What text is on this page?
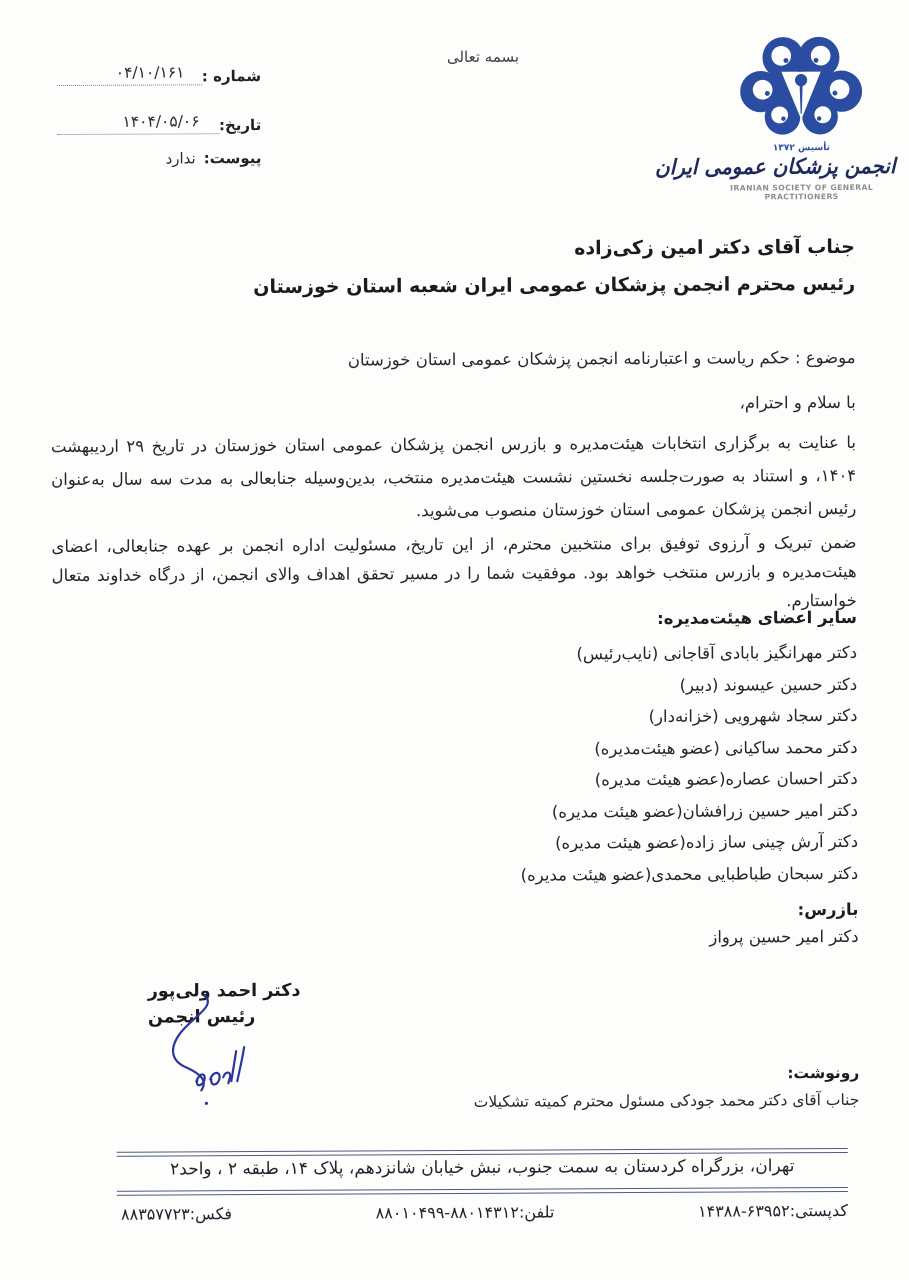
شماره :
۰۴/۱۰/۱۶۱
تاریخ:
۱۴۰۴/۰۵/۰۶
پیوست:
ندارد
بسمه تعالی
تأسیس ۱۳۷۲
انجمن پزشکان عمومی ایران
IRANIAN SOCIETY OF GENERAL PRACTITIONERS
جناب آقای دکتر امین زکی‌زاده
رئیس محترم انجمن پزشکان عمومی ایران شعبه استان خوزستان
موضوع : حکم ریاست و اعتبارنامه انجمن پزشکان عمومی استان خوزستان
با سلام و احترام،

با عنایت به برگزاری انتخابات هیئت‌مدیره و بازرس انجمن پزشکان عمومی استان خوزستان در تاریخ ۲۹ اردیبهشت ۱۴۰۴، و استناد به صورت‌جلسه نخستین نشست هیئت‌مدیره منتخب، بدین‌وسیله جنابعالی به مدت سه سال به‌عنوان رئیس انجمن پزشکان عمومی استان خوزستان منصوب می‌شوید.

ضمن تبریک و آرزوی توفیق برای منتخبین محترم، از این تاریخ، مسئولیت اداره انجمن بر عهده جنابعالی، اعضای هیئت‌مدیره و بازرس منتخب خواهد بود. موفقیت شما را در مسیر تحقق اهداف والای انجمن، از درگاه خداوند متعال خواستارم.

سایر اعضای هیئت‌مدیره:
دکتر مهرانگیز بابادی آقاجانی (نایب‌رئیس)
دکتر حسین عیسوند (دبیر)
دکتر سجاد شهرویی (خزانه‌دار)
دکتر محمد ساکیانی (عضو هیئت‌مدیره)
دکتر احسان عصاره(عضو هیئت مدیره)
دکتر امیر حسین زرافشان(عضو هیئت مدیره)
دکتر آرش چینی ساز زاده(عضو هیئت مدیره)
دکتر سبحان طباطبایی محمدی(عضو هیئت مدیره)
بازرس:
دکتر امیر حسین پرواز
دکتر احمد ولی‌پور
رئیس انجمن
رونوشت:
جناب آقای دکتر محمد جودکی مسئول محترم کمیته تشکیلات
تهران، بزرگراه کردستان به سمت جنوب، نبش خیابان شانزدهم، پلاک ۱۴، طبقه ۲ ، واحد۲
کدپستی:۱۴۳۸۸-۶۳۹۵۲
تلفن:۸۸۰۱۰۴۹۹-۸۸۰۱۴۳۱۲
فکس:۸۸۳۵۷۷۲۳
